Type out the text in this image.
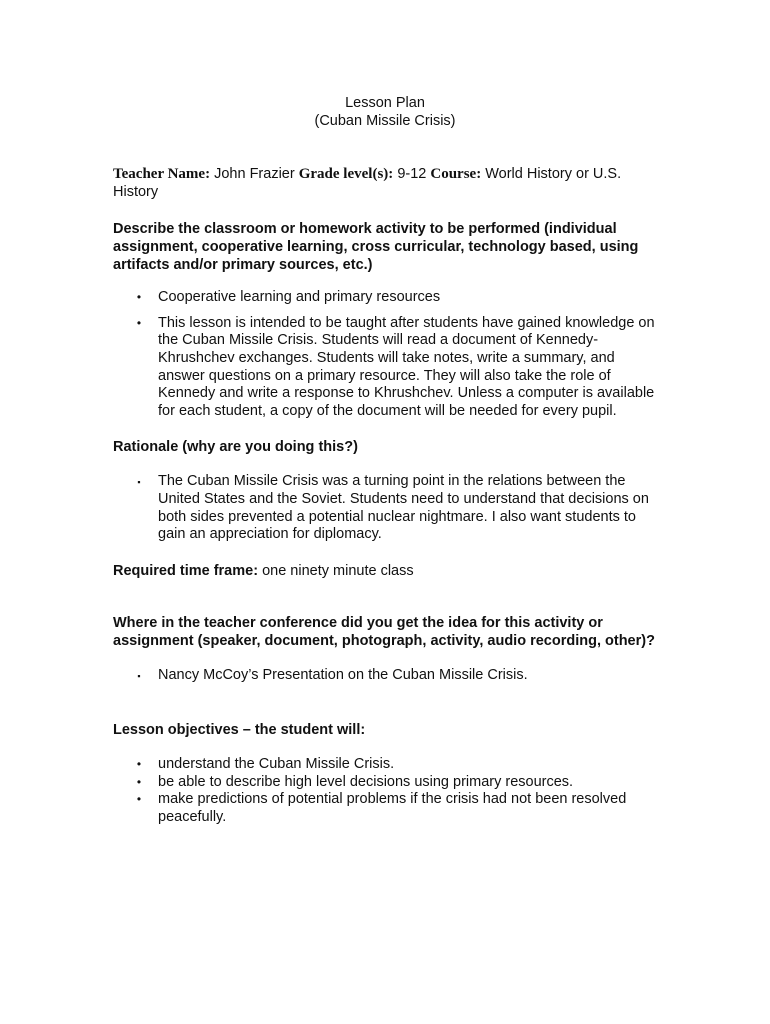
Lesson Plan
(Cuban Missile Crisis)

Teacher Name: John Frazier Grade level(s): 9-12 Course: World History or U.S. History

Describe the classroom or homework activity to be performed (individual assignment, cooperative learning, cross curricular, technology based, using artifacts and/or primary sources, etc.)

• Cooperative learning and primary resources
• This lesson is intended to be taught after students have gained knowledge on the Cuban Missile Crisis. Students will read a document of Kennedy-Khrushchev exchanges. Students will take notes, write a summary, and answer questions on a primary resource. They will also take the role of Kennedy and write a response to Khrushchev. Unless a computer is available for each student, a copy of the document will be needed for every pupil.

Rationale (why are you doing this?)

▪	The Cuban Missile Crisis was a turning point in the relations between the United States and the Soviet. Students need to understand that decisions on both sides prevented a potential nuclear nightmare. I also want students to gain an appreciation for diplomacy.

Required time frame: one ninety minute class

Where in the teacher conference did you get the idea for this activity or assignment (speaker, document, photograph, activity, audio recording, other)?

▪	Nancy McCoy’s Presentation on the Cuban Missile Crisis.

Lesson objectives – the student will:

• understand the Cuban Missile Crisis.
• be able to describe high level decisions using primary resources.
• make predictions of potential problems if the crisis had not been resolved peacefully.
